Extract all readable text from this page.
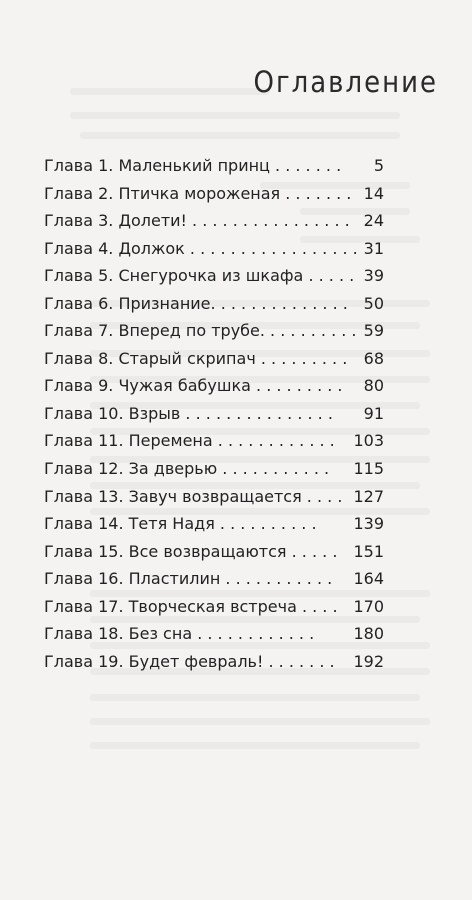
Оглавление
Глава 1. Маленький принц . . . . . . . 5
Глава 2. Птичка мороженая . . . . . . . 14
Глава 3. Долети! . . . . . . . . . . . . . . . . 24
Глава 4. Должок . . . . . . . . . . . . . . . . . 31
Глава 5. Снегурочка из шкафа . . . . . 39
Глава 6. Признание. . . . . . . . . . . . . . 50
Глава 7. Вперед по трубе. . . . . . . . . . 59
Глава 8. Старый скрипач . . . . . . . . . 68
Глава 9. Чужая бабушка . . . . . . . . . 80
Глава 10. Взрыв . . . . . . . . . . . . . . . 91
Глава 11. Перемена . . . . . . . . . . . . 103
Глава 12. За дверью . . . . . . . . . . . 115
Глава 13. Завуч возвращается . . . . 127
Глава 14. Тетя Надя . . . . . . . . . . 139
Глава 15. Все возвращаются . . . . . 151
Глава 16. Пластилин . . . . . . . . . . . 164
Глава 17. Творческая встреча . . . . 170
Глава 18. Без сна . . . . . . . . . . . . 180
Глава 19. Будет февраль! . . . . . . . 192
